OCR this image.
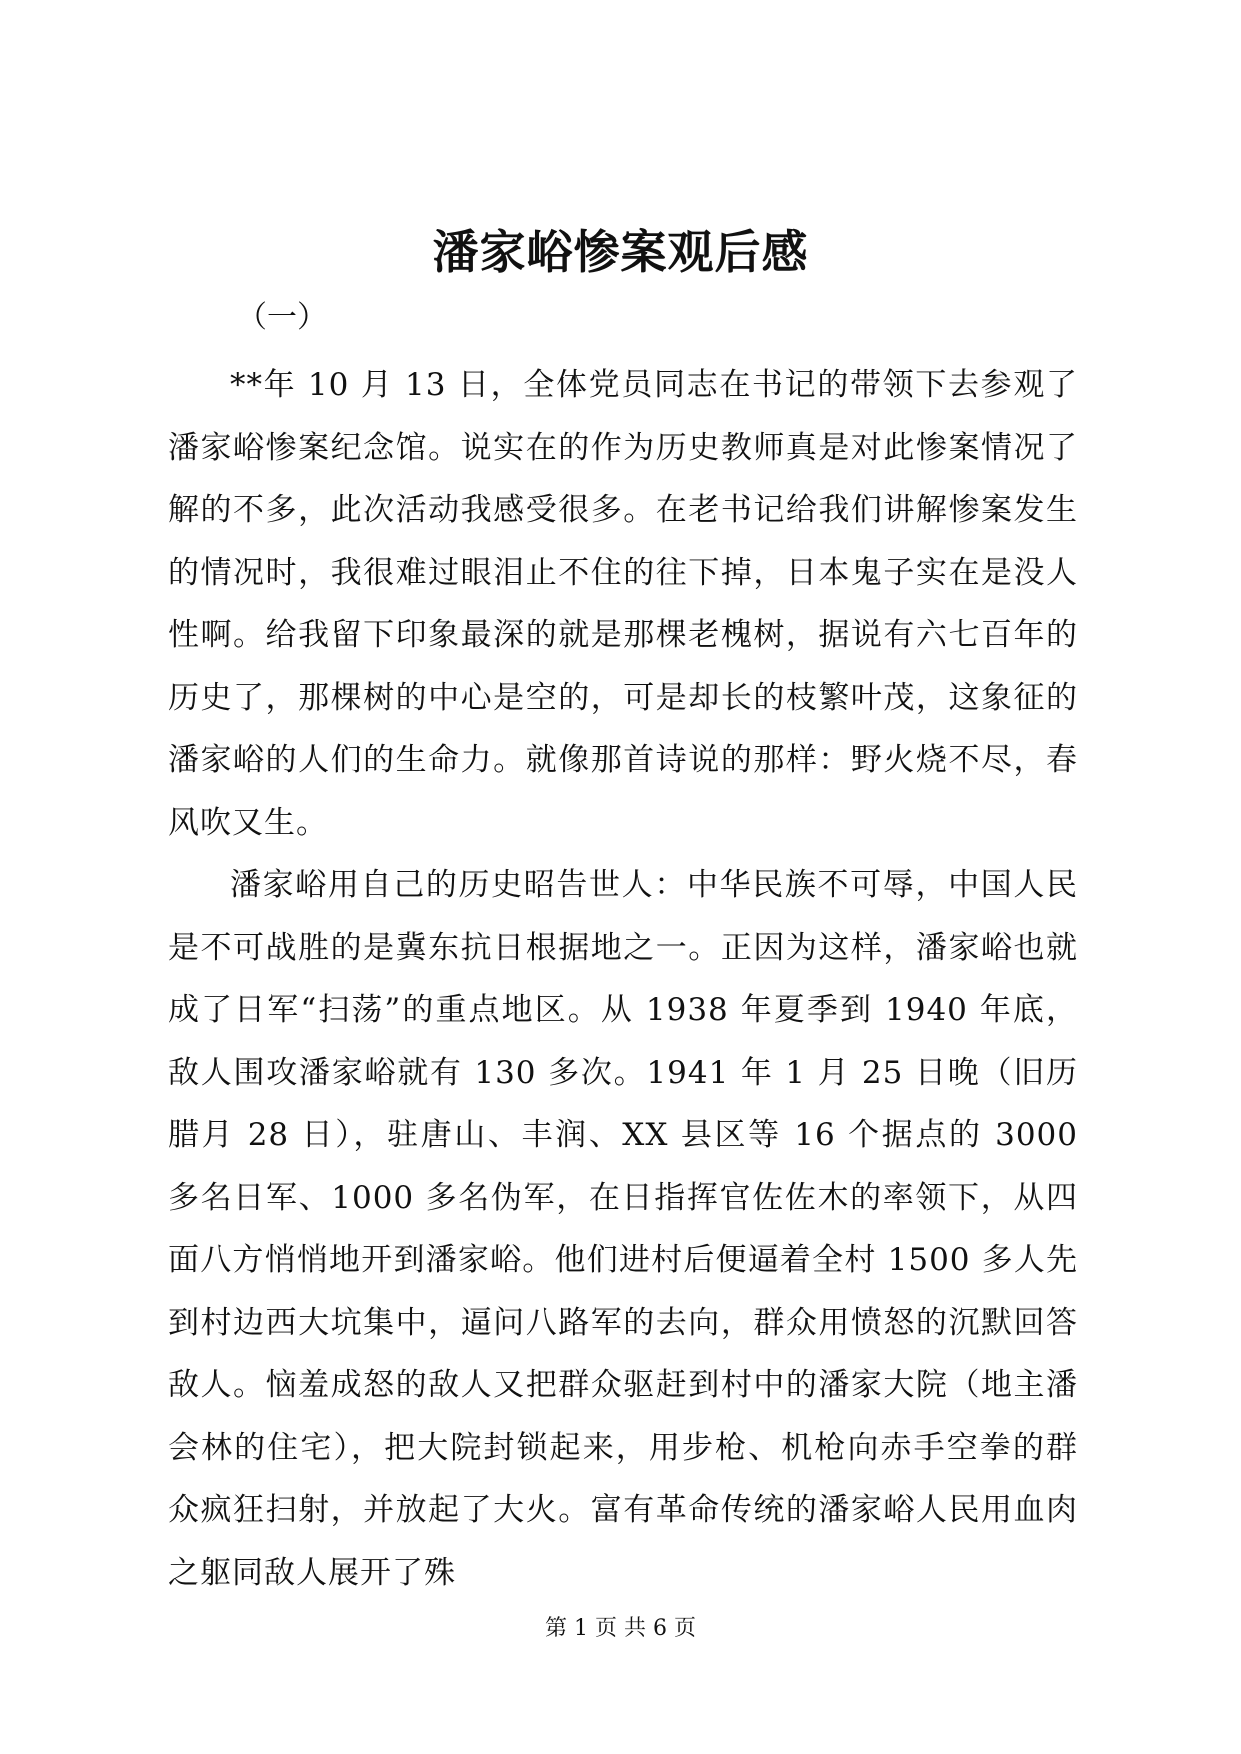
潘家峪惨案观后感
（一）

**年 10 月 13 日，全体党员同志在书记的带领下去参观了潘家峪惨案纪念馆。说实在的作为历史教师真是对此惨案情况了解的不多，此次活动我感受很多。在老书记给我们讲解惨案发生的情况时，我很难过眼泪止不住的往下掉，日本鬼子实在是没人性啊。给我留下印象最深的就是那棵老槐树，据说有六七百年的历史了，那棵树的中心是空的，可是却长的枝繁叶茂，这象征的潘家峪的人们的生命力。就像那首诗说的那样：野火烧不尽，春风吹又生。

潘家峪用自己的历史昭告世人：中华民族不可辱，中国人民是不可战胜的是冀东抗日根据地之一。正因为这样，潘家峪也就成了日军“扫荡”的重点地区。从 1938 年夏季到 1940 年底，敌人围攻潘家峪就有 130 多次。1941 年 1 月 25 日晚（旧历腊月 28 日），驻唐山、丰润、XX 县区等 16 个据点的 3000 多名日军、1000 多名伪军，在日指挥官佐佐木的率领下，从四面八方悄悄地开到潘家峪。他们进村后便逼着全村 1500 多人先到村边西大坑集中，逼问八路军的去向，群众用愤怒的沉默回答敌人。恼羞成怒的敌人又把群众驱赶到村中的潘家大院（地主潘会林的住宅），把大院封锁起来，用步枪、机枪向赤手空拳的群众疯狂扫射，并放起了大火。富有革命传统的潘家峪人民用血肉之躯同敌人展开了殊

第 1 页 共 6 页
